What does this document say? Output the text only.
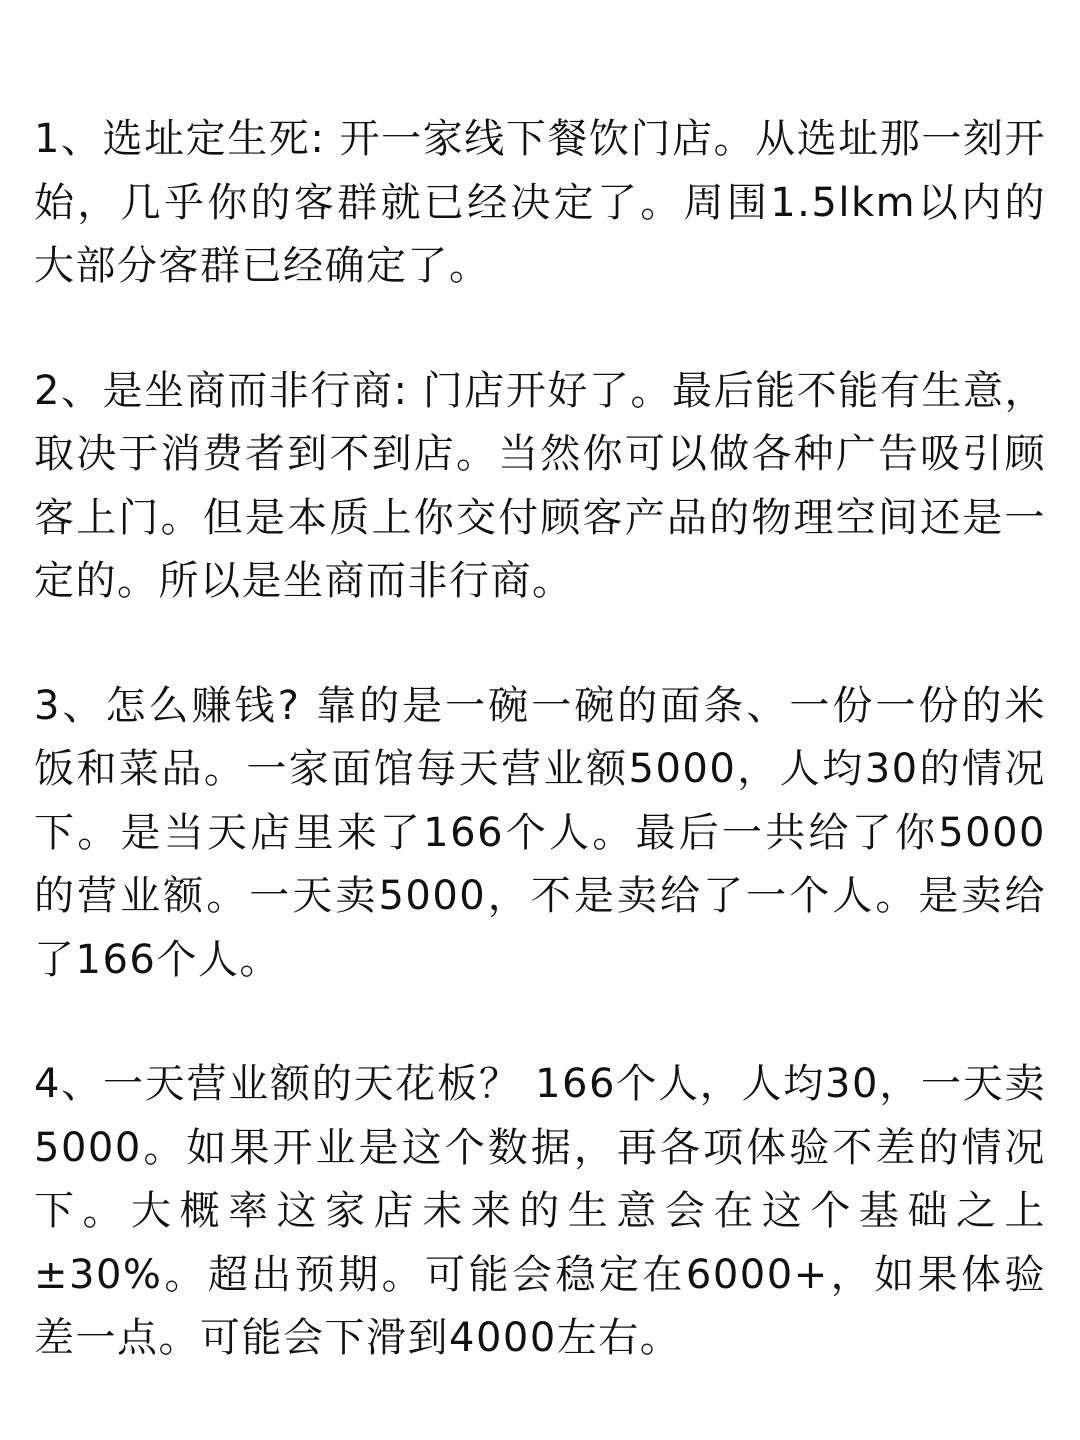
1、选址定生死: 开一家线下餐饮门店。从选址那一刻开始，几乎你的客群就已经决定了。周围1.5lkm以内的大部分客群已经确定了。

2、是坐商而非行商: 门店开好了。最后能不能有生意，取决于消费者到不到店。当然你可以做各种广告吸引顾客上门。但是本质上你交付顾客产品的物理空间还是一定的。所以是坐商而非行商。

3、怎么赚钱? 靠的是一碗一碗的面条、一份一份的米饭和菜品。一家面馆每天营业额5000，人均30的情况下。是当天店里来了166个人。最后一共给了你5000的营业额。一天卖5000，不是卖给了一个人。是卖给了166个人。

4、一天营业额的天花板？ 166个人，人均30，一天卖5000。如果开业是这个数据，再各项体验不差的情况下。大概率这家店未来的生意会在这个基础之上±30%。超出预期。可能会稳定在6000+，如果体验差一点。可能会下滑到4000左右。
